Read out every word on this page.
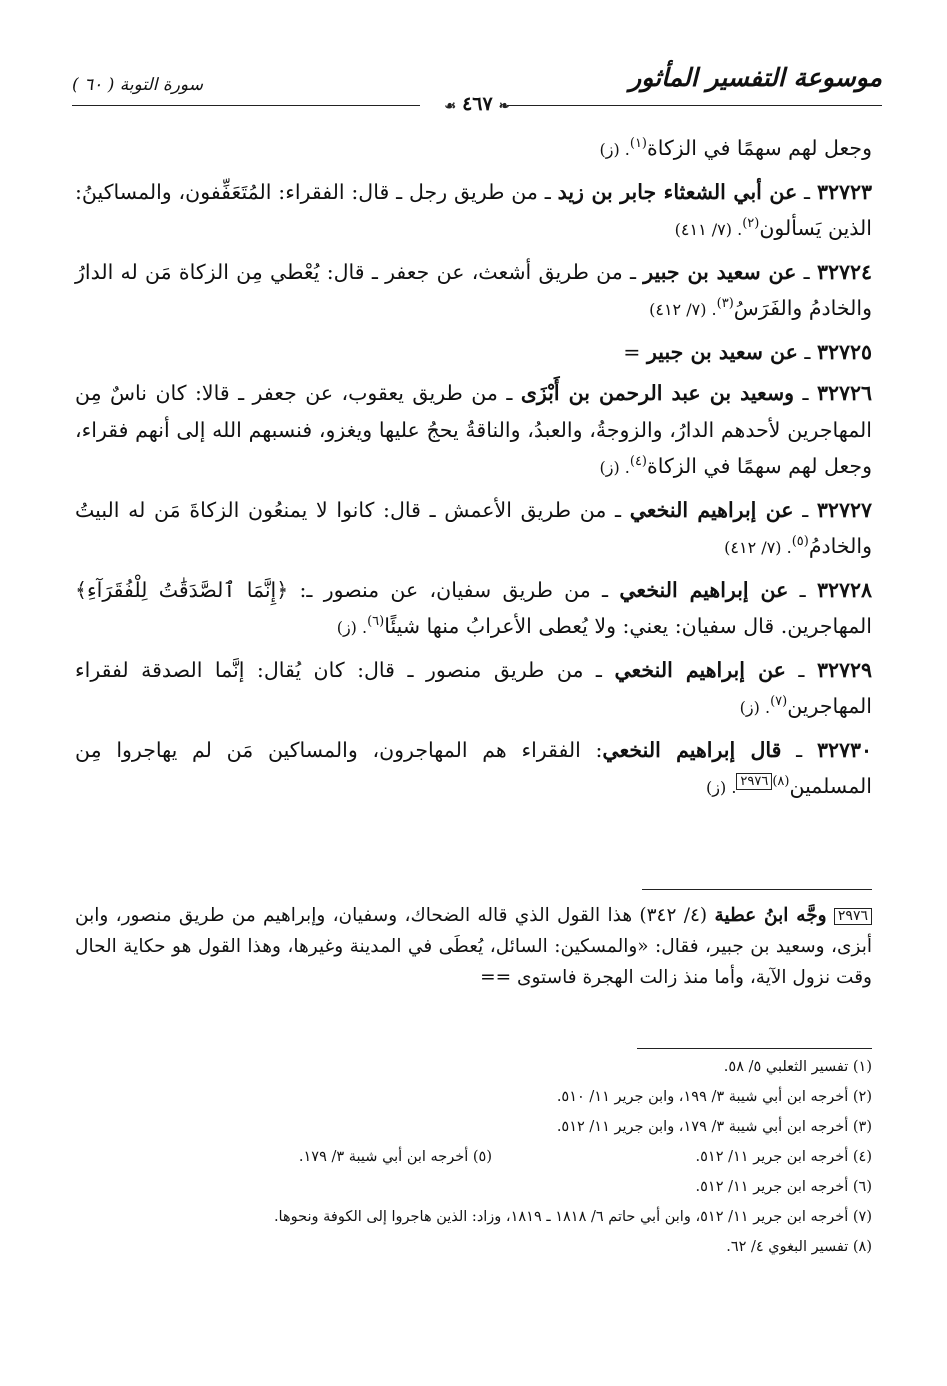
موسوعة التفسير المأثور
سورة التوبة ( ٦٠ )
❧٤٦٧☙

وجعل لهم سهمًا في الزكاة$^{(١)}$. (ز)

٣٢٧٢٣ ـ عن أبي الشعثاء جابر بن زيد ـ من طريق رجل ـ قال: الفقراء: المُتَعَفِّفون، والمساكينُ: الذين يَسألون$^{(٢)}$. (٧/ ٤١١)

٣٢٧٢٤ ـ عن سعيد بن جبير ـ من طريق أشعث، عن جعفر ـ قال: يُعْطي مِن الزكاة مَن له الدارُ والخادمُ والفَرَسُ$^{(٣)}$. (٧/ ٤١٢)

٣٢٧٢٥ ـ عن سعيد بن جبير =

٣٢٧٢٦ ـ وسعيد بن عبد الرحمن بن أَبْزَى ـ من طريق يعقوب، عن جعفر ـ قالا: كان ناسٌ مِن المهاجرين لأحدهم الدارُ، والزوجةُ، والعبدُ، والناقةُ يحجُ عليها ويغزو، فنسبهم الله إلى أنهم فقراء، وجعل لهم سهمًا في الزكاة$^{(٤)}$. (ز)

٣٢٧٢٧ ـ عن إبراهيم النخعي ـ من طريق الأعمش ـ قال: كانوا لا يمنعُون الزكاةَ مَن له البيتُ والخادمُ$^{(٥)}$. (٧/ ٤١٢)

٣٢٧٢٨ ـ عن إبراهيم النخعي ـ من طريق سفيان، عن منصور ـ: ﴿إِنَّمَا ٱلصَّدَقَٰتُ لِلْفُقَرَآءِ﴾ المهاجرين. قال سفيان: يعني: ولا يُعطى الأعرابُ منها شيئًا$^{(٦)}$. (ز)

٣٢٧٢٩ ـ عن إبراهيم النخعي ـ من طريق منصور ـ قال: كان يُقال: إنَّما الصدقة لفقراء المهاجرين$^{(٧)}$. (ز)

٣٢٧٣٠ ـ قال إبراهيم النخعي: الفقراء هم المهاجرون، والمساكين مَن لم يهاجروا مِن المسلمين$^{(٨)}$٢٩٧٦. (ز)

٢٩٧٦ وجَّه ابنُ عطية (٤/ ٣٤٢) هذا القول الذي قاله الضحاك، وسفيان، وإبراهيم من طريق منصور، وابن أبزى، وسعيد بن جبير، فقال: «والمسكين: السائل، يُعطَى في المدينة وغيرها، وهذا القول هو حكاية الحال وقت نزول الآية، وأما منذ زالت الهجرة فاستوى ==

(١) تفسير الثعلبي ٥/ ٥٨.

(٢) أخرجه ابن أبي شيبة ٣/ ١٩٩، وابن جرير ١١/ ٥١٠.

(٣) أخرجه ابن أبي شيبة ٣/ ١٧٩، وابن جرير ١١/ ٥١٢.

(٤) أخرجه ابن جرير ١١/ ٥١٢.

(٥) أخرجه ابن أبي شيبة ٣/ ١٧٩.

(٦) أخرجه ابن جرير ١١/ ٥١٢.

(٧) أخرجه ابن جرير ١١/ ٥١٢، وابن أبي حاتم ٦/ ١٨١٨ ـ ١٨١٩، وزاد: الذين هاجروا إلى الكوفة ونحوها.

(٨) تفسير البغوي ٤/ ٦٢.
